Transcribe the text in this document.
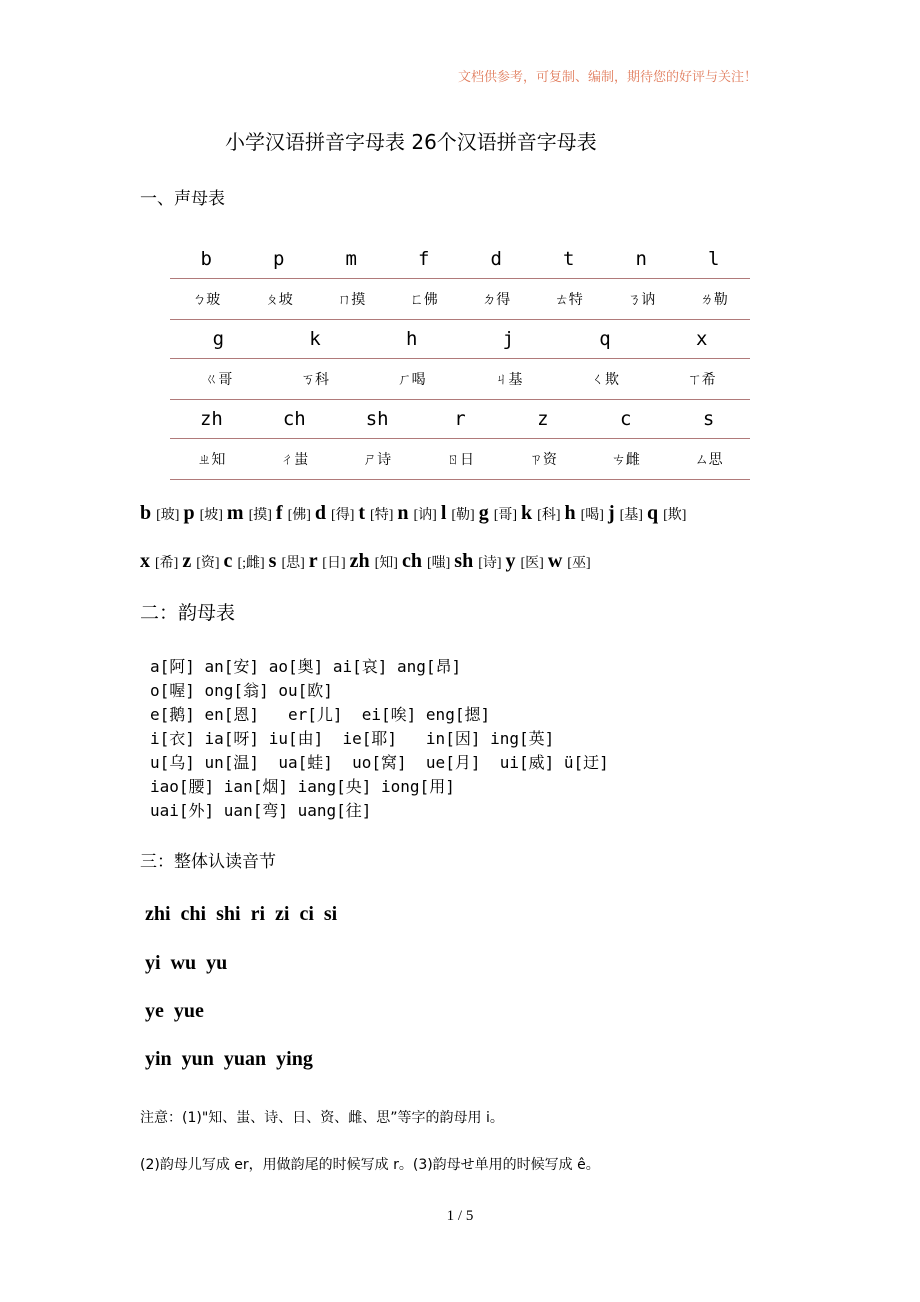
文档供参考，可复制、编制，期待您的好评与关注！
小学汉语拼音字母表 26个汉语拼音字母表
一、声母表
b	p	m	f	d	t	n	l
ㄅ玻	ㄆ坡	ㄇ摸	ㄈ佛	ㄉ得	ㄊ特	ㄋ讷	ㄌ勒
g	k	h	j	q	x
ㄍ哥	ㄎ科	ㄏ喝	ㄐ基	ㄑ欺	ㄒ希
zh	ch	sh	r	z	c	s
ㄓ知	ㄔ蚩	ㄕ诗	ㄖ日	ㄗ资	ㄘ雌	ㄙ思
b [玻] p [坡] m [摸] f [佛] d [得] t [特] n [讷] l [勒] g [哥] k [科] h [喝] j [基] q [欺]
x [希] z [资] c [;雌] s [思] r [日] zh [知] ch [嗤] sh [诗] y [医] w [巫]
二：韵母表
a[阿] an[安] ao[奥] ai[哀] ang[昂]
o[喔] ong[翁] ou[欧]
e[鹅] en[恩]   er[儿]  ei[唉] eng[摁]
i[衣] ia[呀] iu[由]  ie[耶]   in[因] ing[英]
u[乌] un[温]  ua[蛙]  uo[窝]  ue[月]  ui[威] ü[迂]
iao[腰] ian[烟] iang[央] iong[用]
uai[外] uan[弯] uang[往]
三：整体认读音节
zhi  chi  shi  ri  zi  ci  si
yi  wu  yu
ye  yue
yin  yun  yuan  ying
注意：(1)"知、蚩、诗、日、资、雌、思”等字的韵母用 i。
(2)韵母儿写成 er，用做韵尾的时候写成 r。(3)韵母せ单用的时候写成 ê。
1 / 5
